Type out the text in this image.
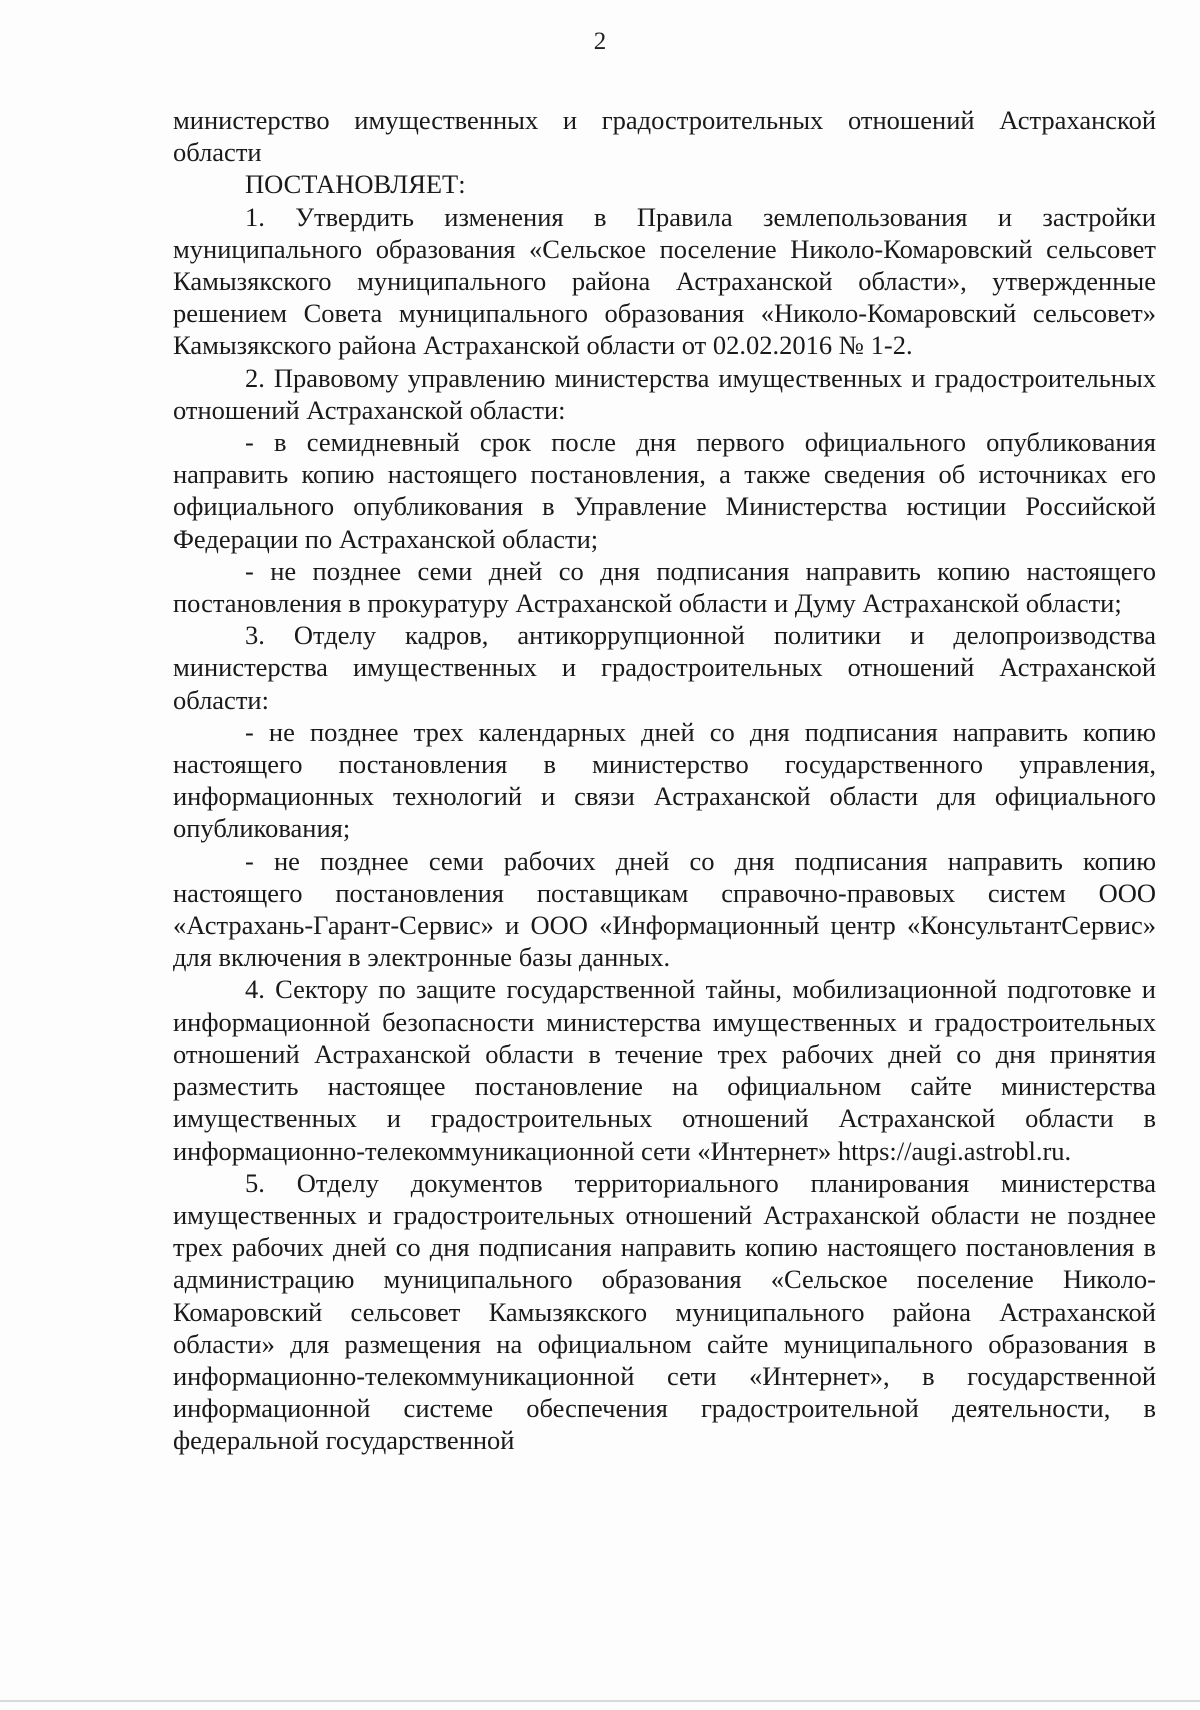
2

министерство имущественных и градостроительных отношений Астраханской области

ПОСТАНОВЛЯЕТ:

1. Утвердить изменения в Правила землепользования и застройки муниципального образования «Сельское поселение Николо-Комаровский сельсовет Камызякского муниципального района Астраханской области», утвержденные решением Совета муниципального образования «Николо-Комаровский сельсовет» Камызякского района Астраханской области от 02.02.2016 № 1-2.

2. Правовому управлению министерства имущественных и градостроительных отношений Астраханской области:

- в семидневный срок после дня первого официального опубликования направить копию настоящего постановления, а также сведения об источниках его официального опубликования в Управление Министерства юстиции Российской Федерации по Астраханской области;

- не позднее семи дней со дня подписания направить копию настоящего постановления в прокуратуру Астраханской области и Думу Астраханской области;

3. Отделу кадров, антикоррупционной политики и делопроизводства министерства имущественных и градостроительных отношений Астраханской области:

- не позднее трех календарных дней со дня подписания направить копию настоящего постановления в министерство государственного управления, информационных технологий и связи Астраханской области для официального опубликования;

- не позднее семи рабочих дней со дня подписания направить копию настоящего постановления поставщикам справочно-правовых систем ООО «Астрахань-Гарант-Сервис» и ООО «Информационный центр «КонсультантСервис» для включения в электронные базы данных.

4. Сектору по защите государственной тайны, мобилизационной подготовке и информационной безопасности министерства имущественных и градостроительных отношений Астраханской области в течение трех рабочих дней со дня принятия разместить настоящее постановление на официальном сайте министерства имущественных и градостроительных отношений Астраханской области в информационно-телекоммуникационной сети «Интернет» https://augi.astrobl.ru.

5. Отделу документов территориального планирования министерства имущественных и градостроительных отношений Астраханской области не позднее трех рабочих дней со дня подписания направить копию настоящего постановления в администрацию муниципального образования «Сельское поселение Николо-Комаровский сельсовет Камызякского муниципального района Астраханской области» для размещения на официальном сайте муниципального образования в информационно-телекоммуникационной сети «Интернет», в государственной информационной системе обеспечения градостроительной деятельности, в федеральной государственной
